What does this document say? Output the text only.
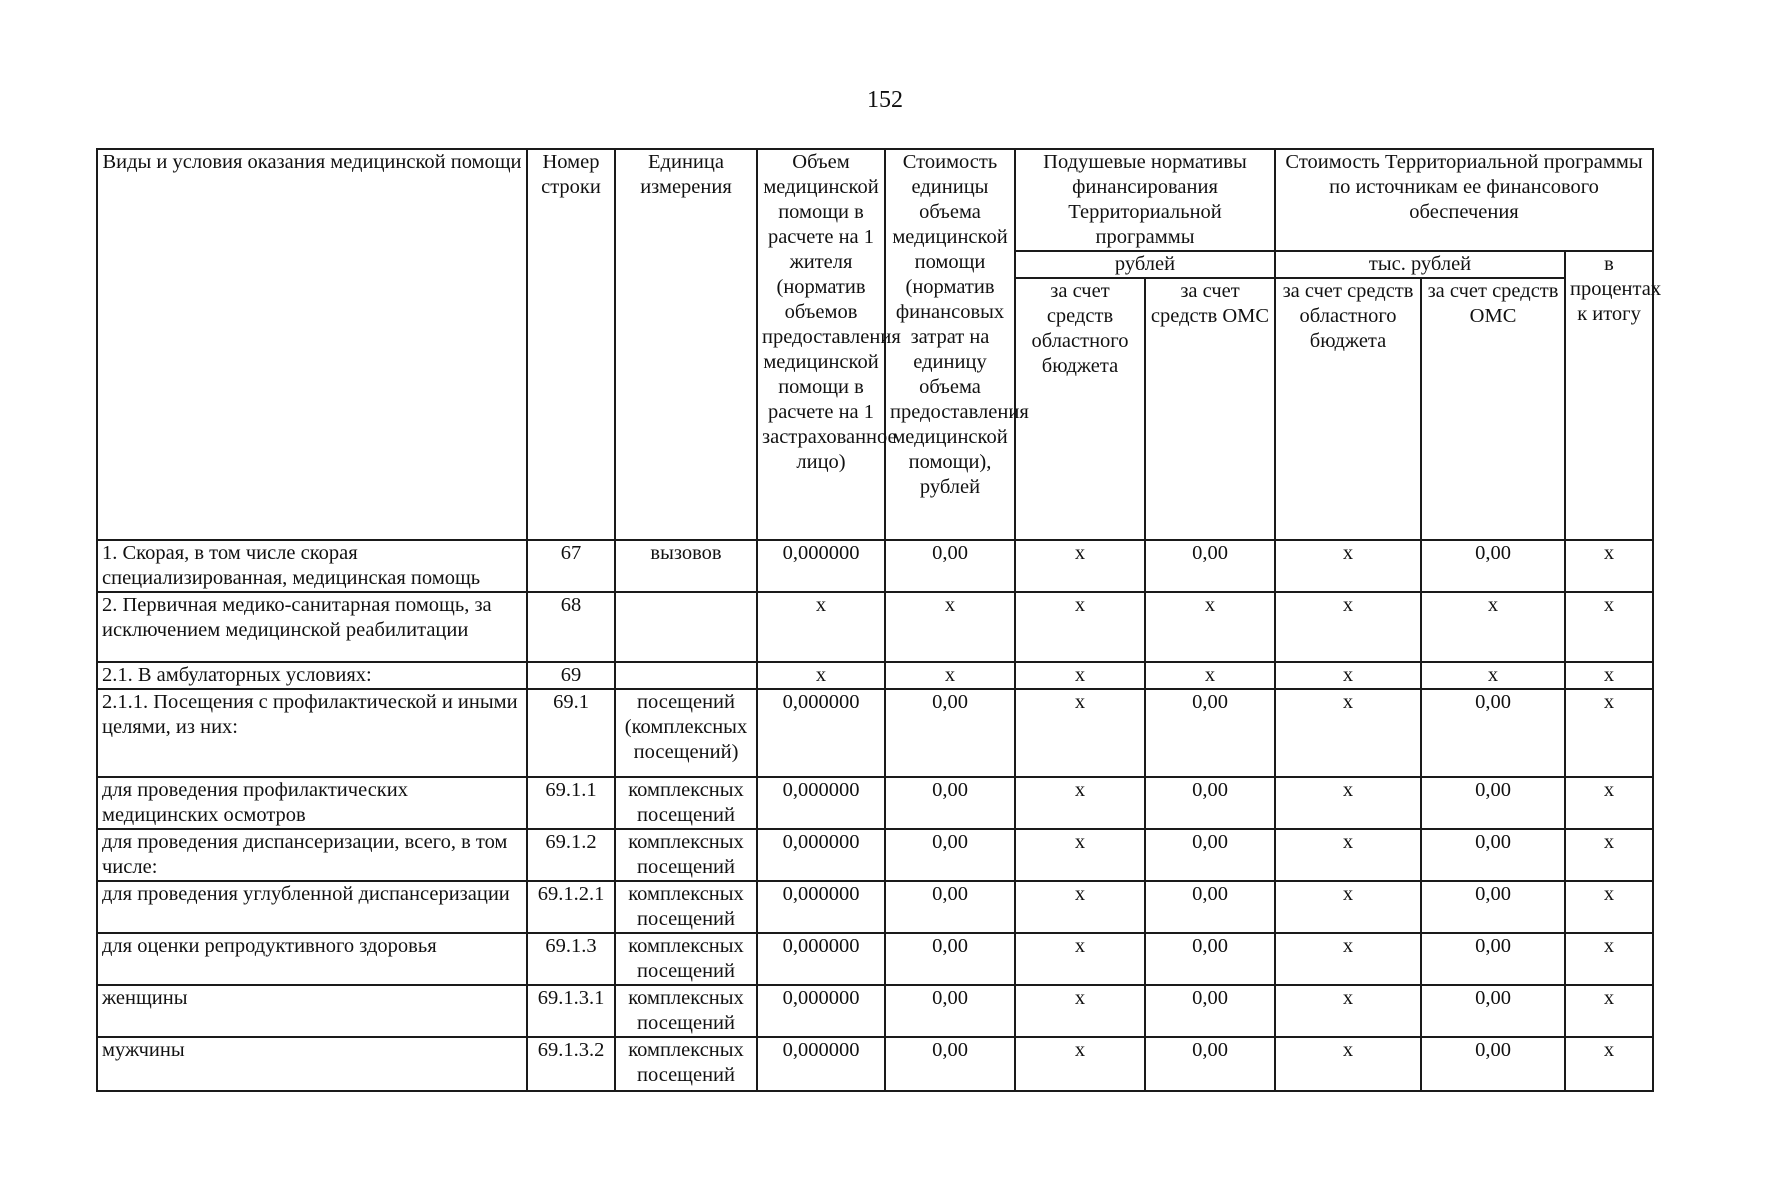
152
Виды и условия оказания медицинской помощи	Номер строки	Единица измерения	Объем медицинской помощи в расчете на 1 жителя (норматив объемов предоставления медицинской помощи в расчете на 1 застрахованное лицо)	Стоимость единицы объема медицинской помощи (норматив финансовых затрат на единицу объема предоставления медицинской помощи), рублей	Подушевые нормативы финансирования Территориальной программы		Стоимость Территориальной программы по источникам ее финансового обеспечения		
					рублей		тыс. рублей		в процентах к итогу
					за счет средств областного бюджета	за счет средств ОМС	за счет средств областного бюджета	за счет средств ОМС	
1. Скорая, в том числе скорая специализированная, медицинская помощь	67	вызовов	0,000000	0,00	х	0,00	х	0,00	х
2. Первичная медико-санитарная помощь, за исключением медицинской реабилитации	68		х	х	х	х	х	х	х
2.1. В амбулаторных условиях:	69		х	х	х	х	х	х	х
2.1.1. Посещения с профилактической и иными целями, из них:	69.1	посещений (комплексных посещений)	0,000000	0,00	х	0,00	х	0,00	х
для проведения профилактических медицинских осмотров	69.1.1	комплексных посещений	0,000000	0,00	х	0,00	х	0,00	х
для проведения диспансеризации, всего, в том числе:	69.1.2	комплексных посещений	0,000000	0,00	х	0,00	х	0,00	х
для проведения углубленной диспансеризации	69.1.2.1	комплексных посещений	0,000000	0,00	х	0,00	х	0,00	х
для оценки репродуктивного здоровья	69.1.3	комплексных посещений	0,000000	0,00	х	0,00	х	0,00	х
женщины	69.1.3.1	комплексных посещений	0,000000	0,00	х	0,00	х	0,00	х
мужчины	69.1.3.2	комплексных посещений	0,000000	0,00	х	0,00	х	0,00	х
